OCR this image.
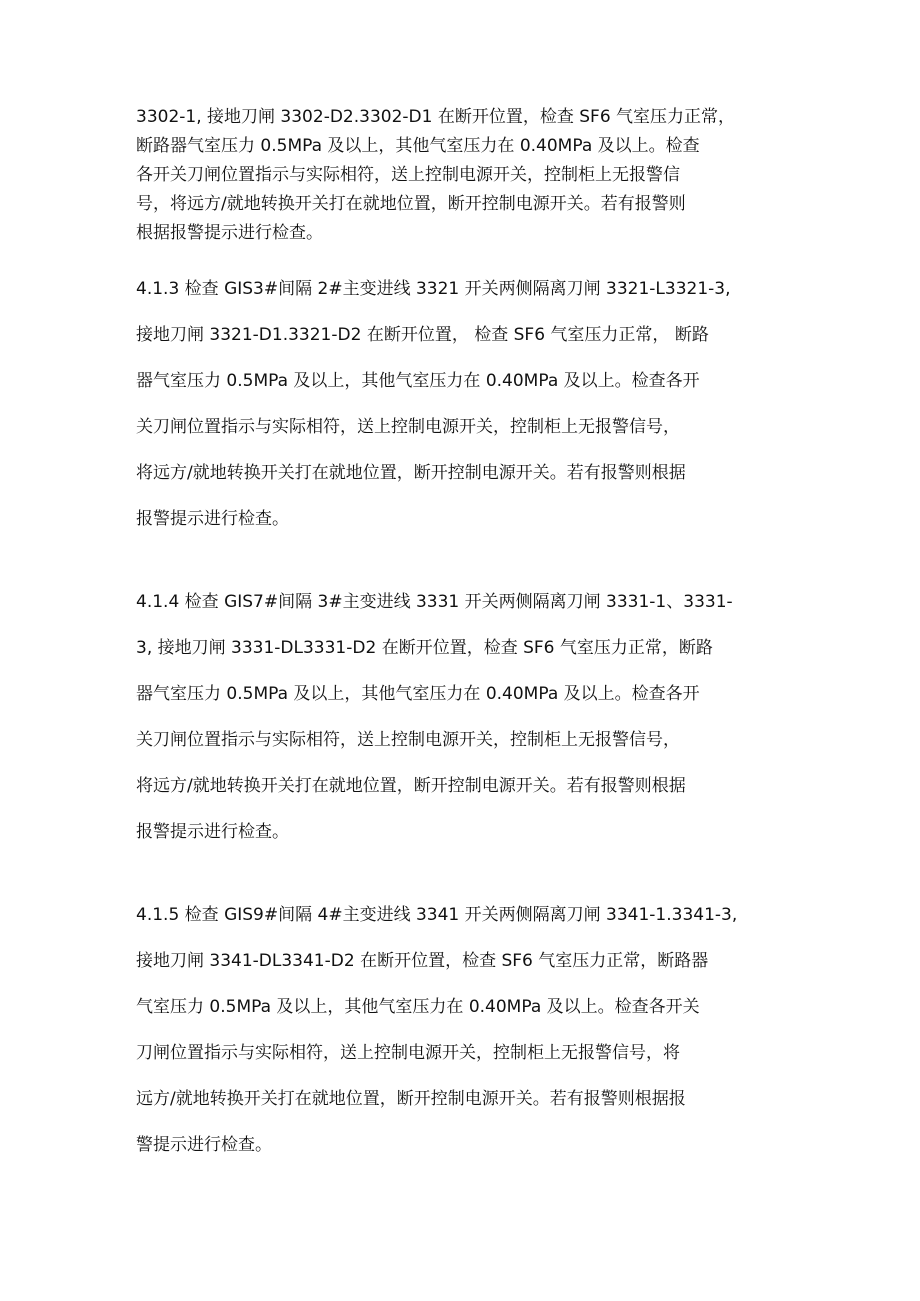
3302-1, 接地刀闸 3302-D2.3302-D1 在断开位置，检查 SF6 气室压力正常，
断路器气室压力 0.5MPa 及以上，其他气室压力在 0.40MPa 及以上。检查
各开关刀闸位置指示与实际相符，送上控制电源开关，控制柜上无报警信
号，将远方/就地转换开关打在就地位置，断开控制电源开关。若有报警则
根据报警提示进行检查。
4.1.3 检查 GIS3#间隔 2#主变进线 3321 开关两侧隔离刀闸 3321-L3321-3,
接地刀闸 3321-D1.3321-D2 在断开位置， 检查 SF6 气室压力正常， 断路
器气室压力 0.5MPa 及以上，其他气室压力在 0.40MPa 及以上。检查各开
关刀闸位置指示与实际相符，送上控制电源开关，控制柜上无报警信号，
将远方/就地转换开关打在就地位置，断开控制电源开关。若有报警则根据
报警提示进行检查。
4.1.4 检查 GIS7#间隔 3#主变进线 3331 开关两侧隔离刀闸 3331-1、3331-
3, 接地刀闸 3331-DL3331-D2 在断开位置，检查 SF6 气室压力正常，断路
器气室压力 0.5MPa 及以上，其他气室压力在 0.40MPa 及以上。检查各开
关刀闸位置指示与实际相符，送上控制电源开关，控制柜上无报警信号，
将远方/就地转换开关打在就地位置，断开控制电源开关。若有报警则根据
报警提示进行检查。
4.1.5 检查 GIS9#间隔 4#主变进线 3341 开关两侧隔离刀闸 3341-1.3341-3,
接地刀闸 3341-DL3341-D2 在断开位置，检查 SF6 气室压力正常，断路器
气室压力 0.5MPa 及以上，其他气室压力在 0.40MPa 及以上。检查各开关
刀闸位置指示与实际相符，送上控制电源开关，控制柜上无报警信号，将
远方/就地转换开关打在就地位置，断开控制电源开关。若有报警则根据报
警提示进行检查。
